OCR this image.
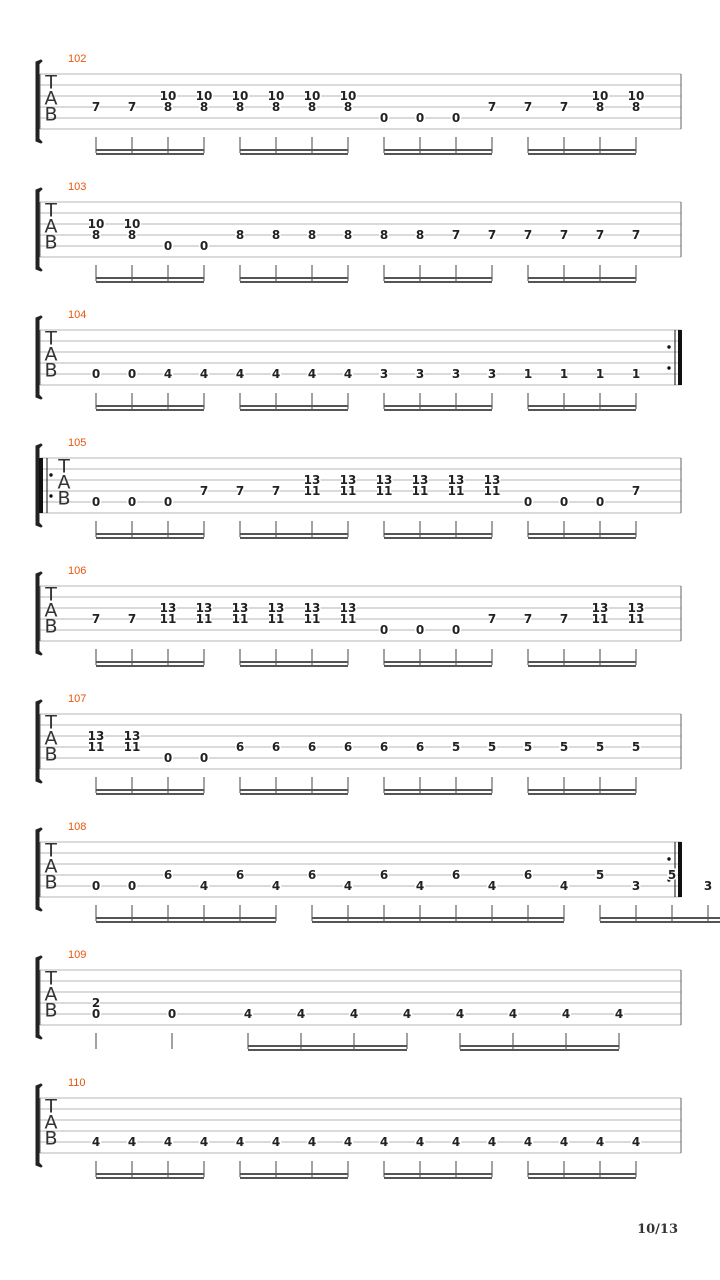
T
A
B
102
7 7
10
8
10
8
10
8
10
8
10
8
10
8
0 0 0
7 7 7
10
8
10
8
T
A
B
103
10
8
10
8
0 0
8 8 8 8 8 8 7 7 7 7 7 7
T
A
B
104
0 0 4 4 4 4 4 4 3 3 3 3 1 1 1 1
T
A
B
105
0 0 0
7 7 7
13
11
13
11
13
11
13
11
13
11
13
11
0 0 0
7
T
A
B
106
7 7
13
11
13
11
13
11
13
11
13
11
13
11
0 0 0
7 7 7
13
11
13
11
T
A
B
107
13
11
13
11
0 0
6 6 6 6 6 6 5 5 5 5 5 5
T
A
B
108
0 0
6
4
6
4
6
4
6
4
6
4
6
4
5
3
5
3
T
A
B
109
2
0	0	4	4	4	4	4	4	4	4
T
A
B
110
4 4 4 4 4 4 4 4 4 4 4 4 4 4 4 4
10/13
